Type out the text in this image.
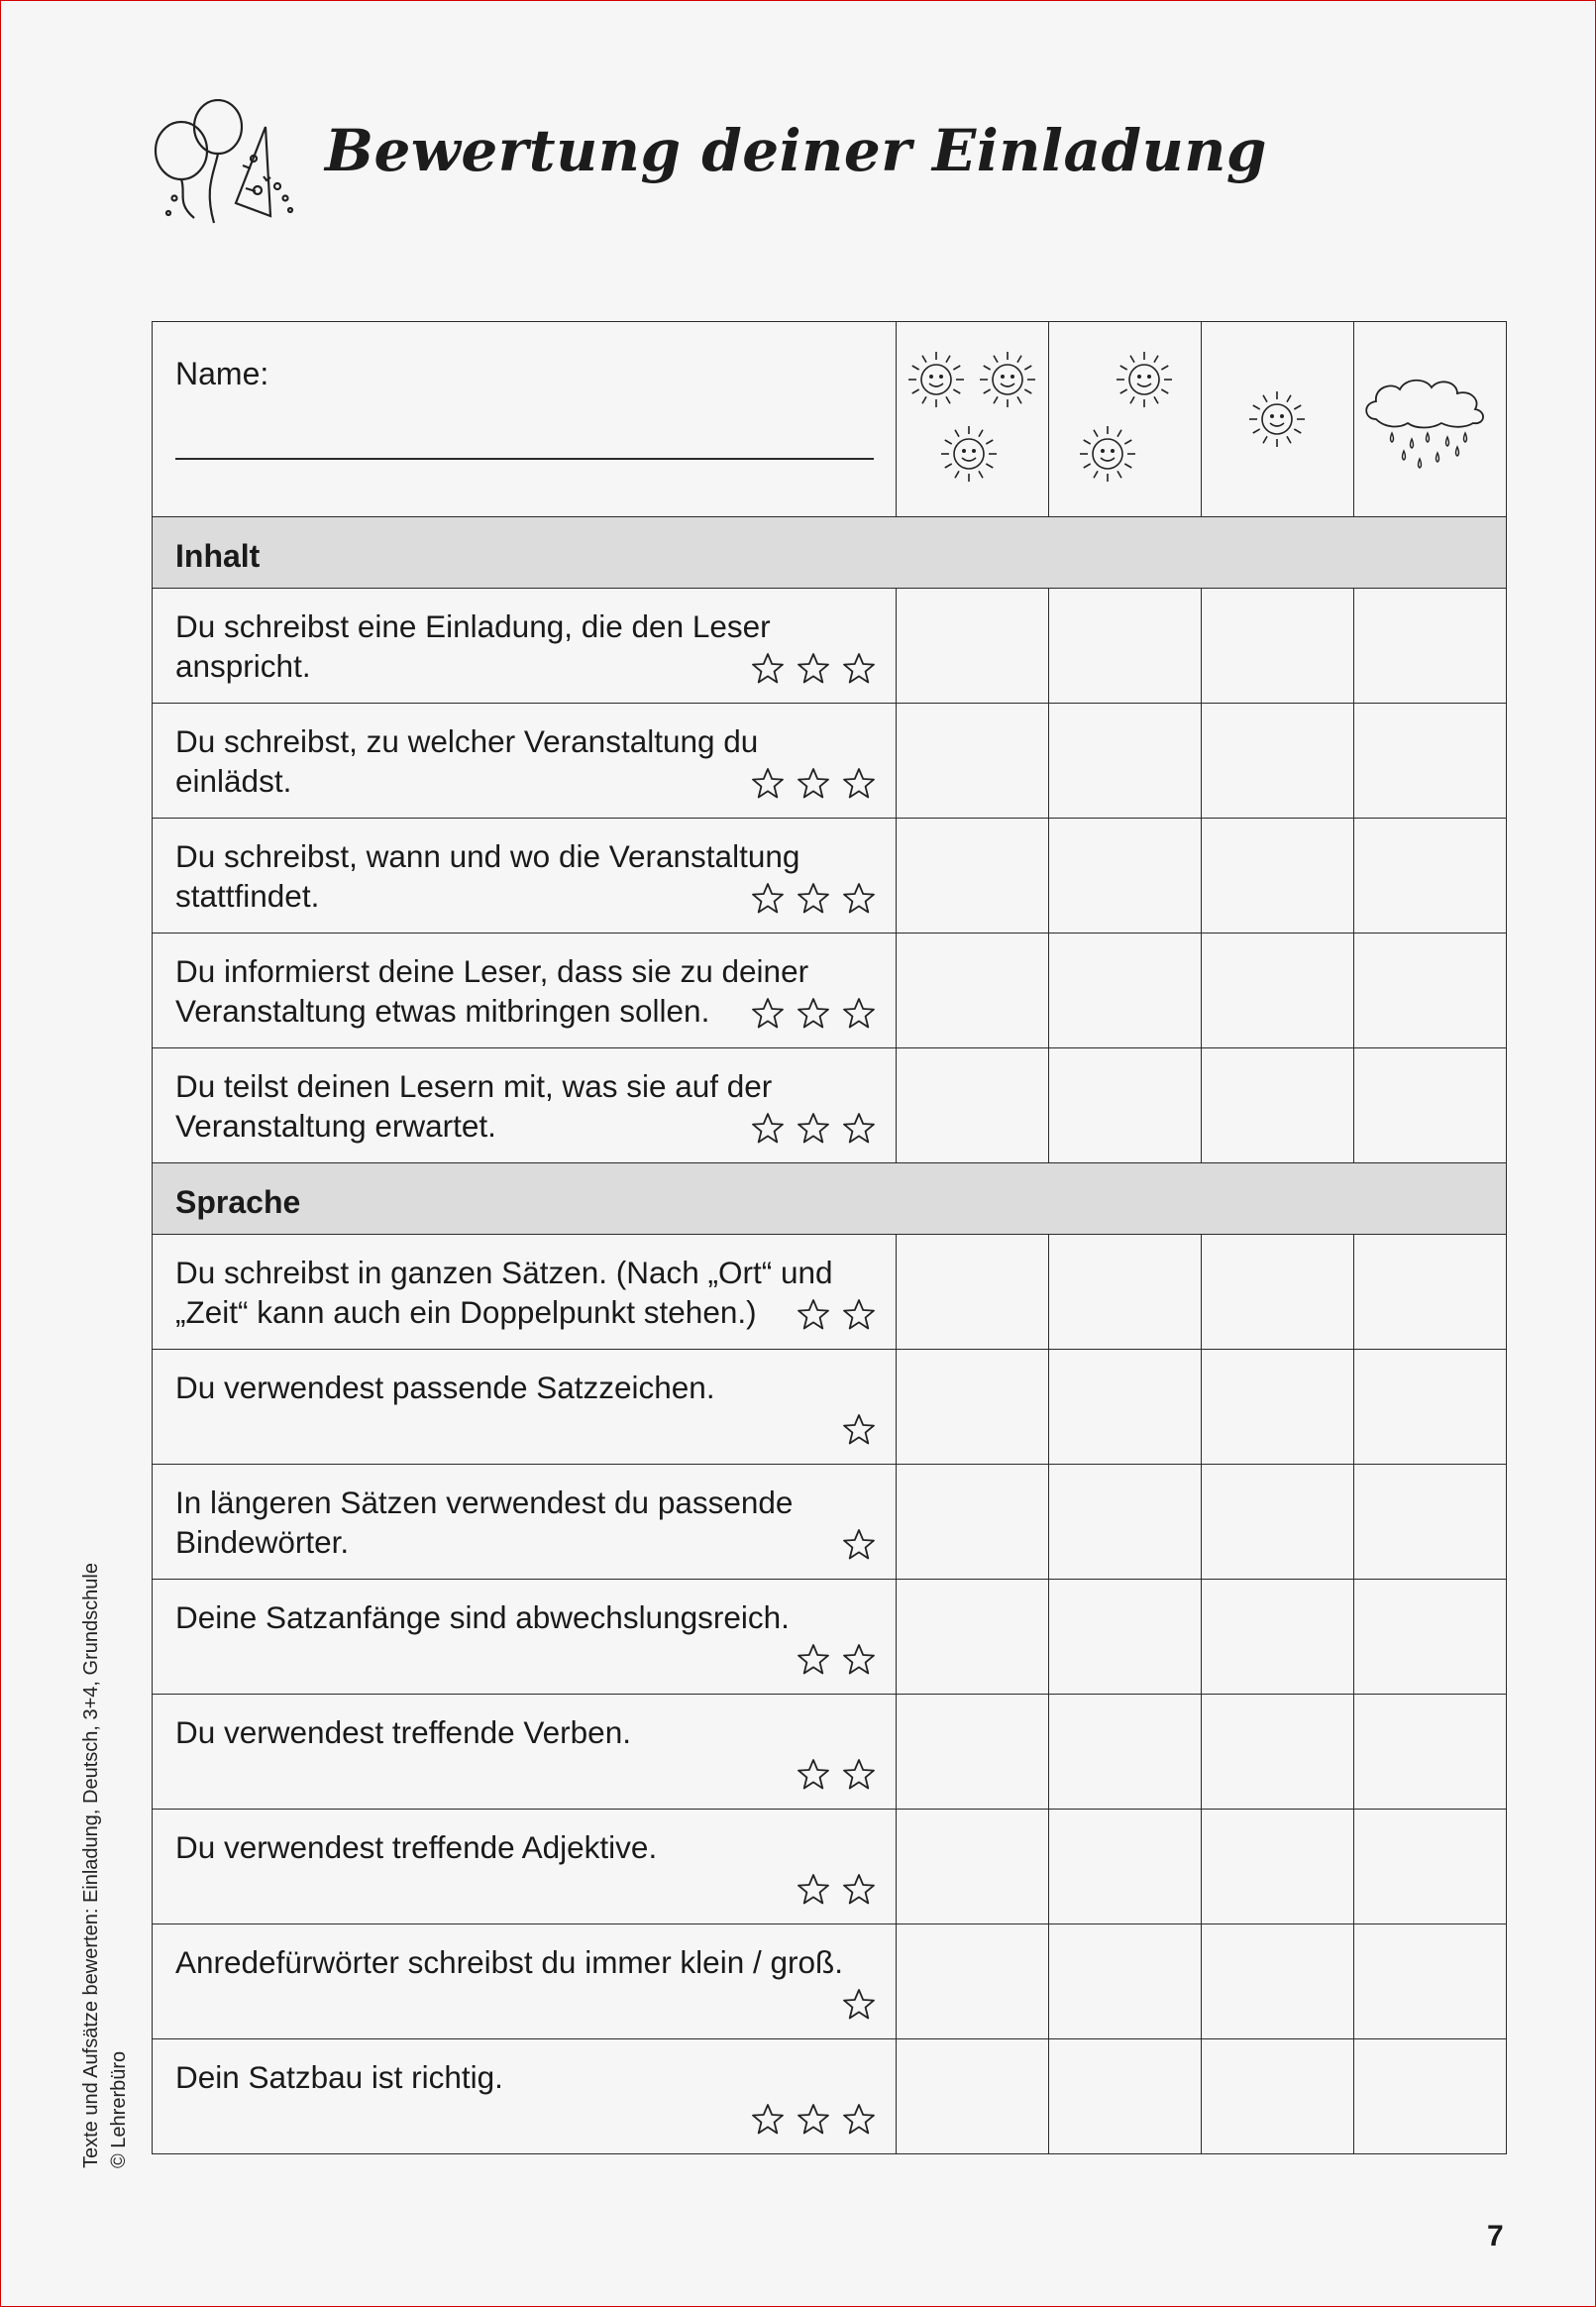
Bewertung deiner Einladung
Name:

Inhalt				

Du schreibst eine Einladung, die den Leser anspricht.				

Du schreibst, zu welcher Veranstaltung du einlädst.				

Du schreibst, wann und wo die Veranstaltung stattfindet.				

Du informierst deine Leser, dass sie zu deiner Veranstaltung etwas mitbringen sollen.				

Du teilst deinen Lesern mit, was sie auf der Veranstaltung erwartet.				

Sprache				

Du schreibst in ganzen Sätzen. (Nach „Ort“ und „Zeit“ kann auch ein Doppelpunkt stehen.)				

Du verwendest passende Satzzeichen.				

In längeren Sätzen verwendest du passende Bindewörter.				

Deine Satzanfänge sind abwechslungsreich.				

Du verwendest treffende Verben.				

Du verwendest treffende Adjektive.				

Anredefürwörter schreibst du immer klein / groß.				

Dein Satzbau ist richtig.				

Texte und Aufsätze bewerten: Einladung, Deutsch, 3+4, Grundschule © Lehrerbüro
7
